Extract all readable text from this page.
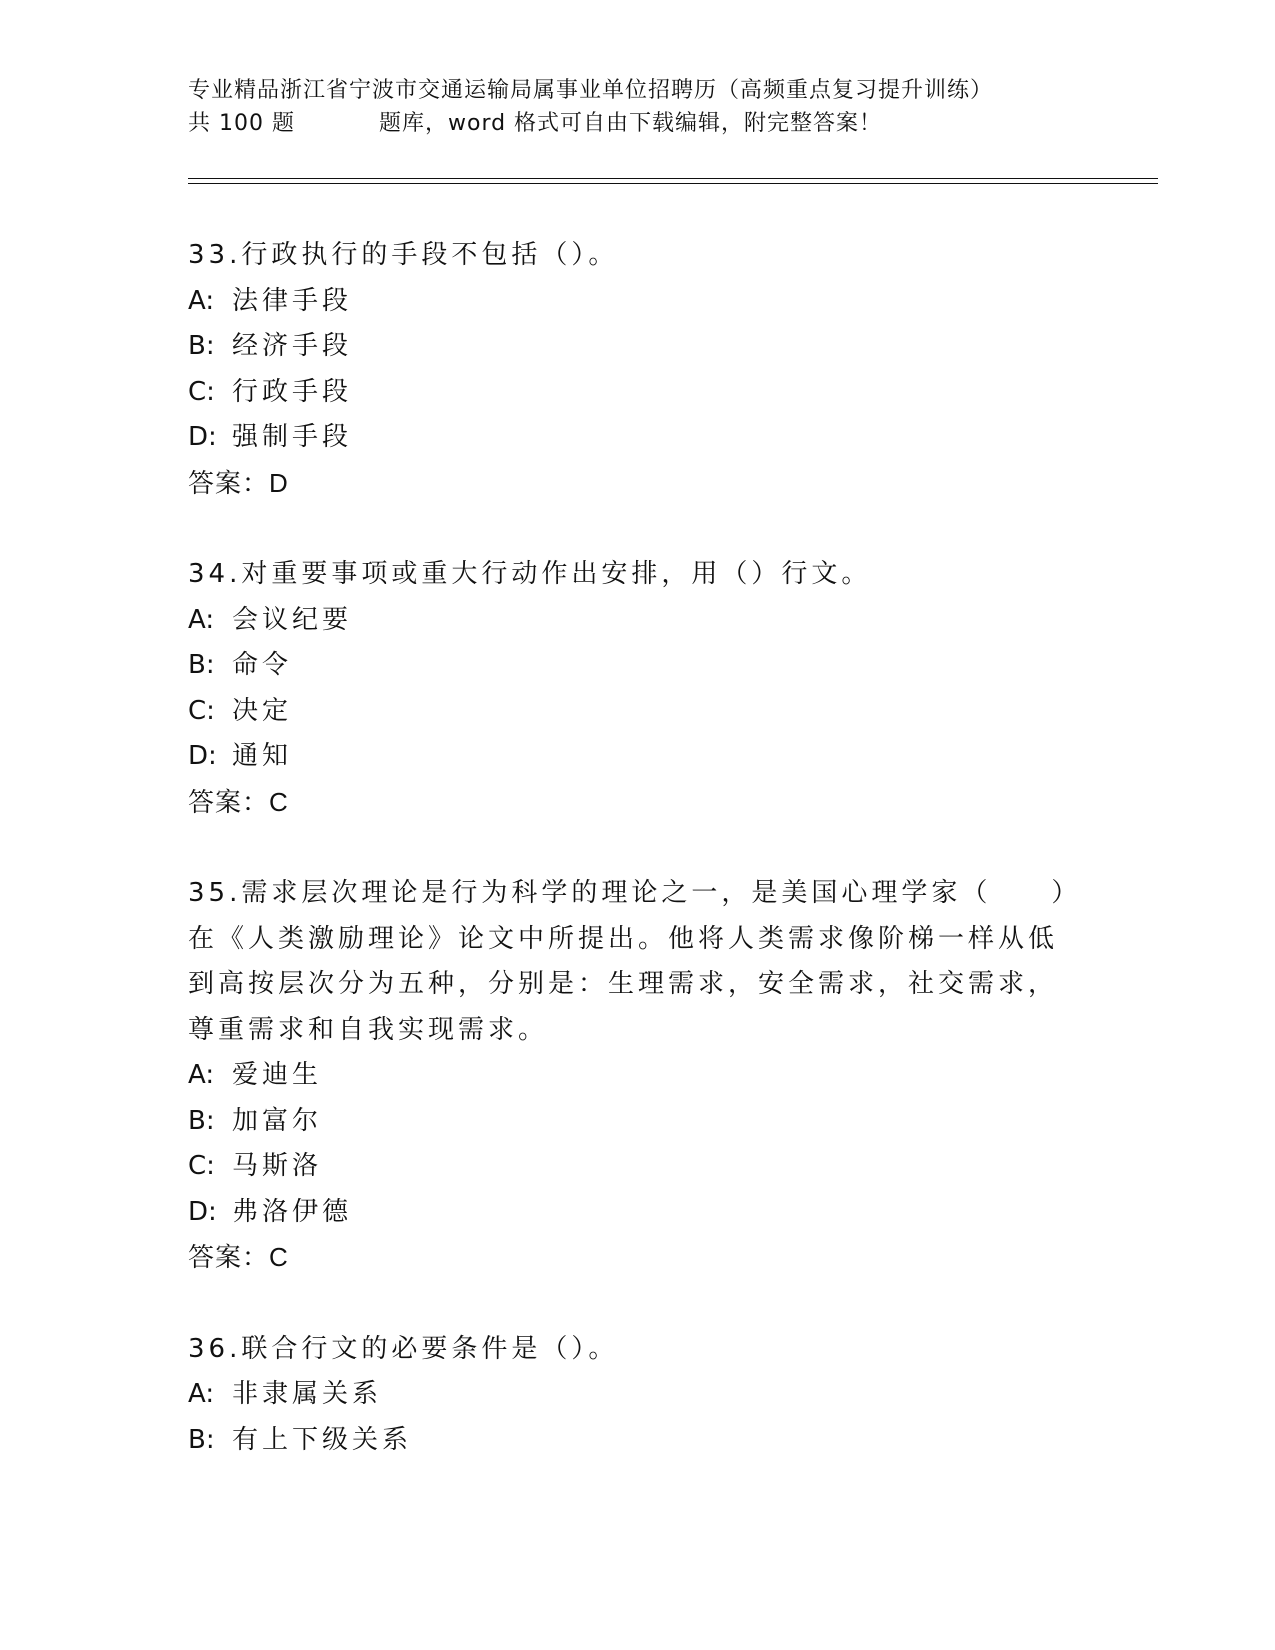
专业精品浙江省宁波市交通运输局属事业单位招聘历（高频重点复习提升训练）
共 100 题	题库，word 格式可自由下载编辑，附完整答案！

33.行政执行的手段不包括（）。

A: 法律手段

B: 经济手段

C: 行政手段

D: 强制手段

答案：D

34.对重要事项或重大行动作出安排，用（）行文。

A: 会议纪要

B: 命令

C: 决定

D: 通知

答案：C

35.需求层次理论是行为科学的理论之一，是美国心理学家（　　）在《人类激励理论》论文中所提出。他将人类需求像阶梯一样从低到高按层次分为五种，分别是：生理需求，安全需求，社交需求，尊重需求和自我实现需求。

A: 爱迪生

B: 加富尔

C: 马斯洛

D: 弗洛伊德

答案：C

36.联合行文的必要条件是（）。

A: 非隶属关系

B: 有上下级关系
